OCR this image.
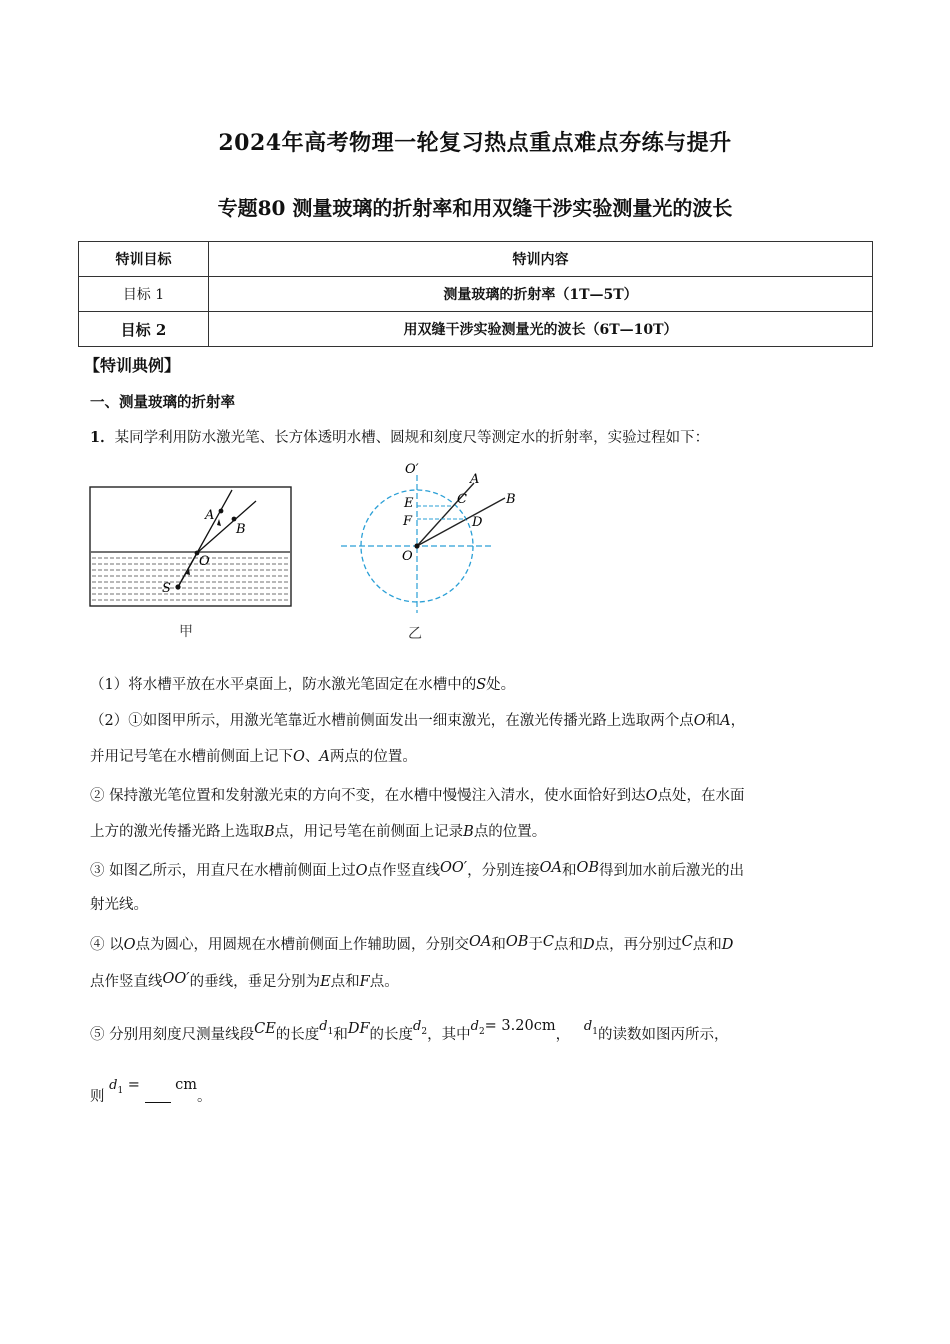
2024年高考物理一轮复习热点重点难点夯练与提升
专题80 测量玻璃的折射率和用双缝干涉实验测量光的波长
特训目标	特训内容
目标 1	测量玻璃的折射率（1T—5T）
目标 2	用双缝干涉实验测量光的波长（6T—10T）
【特训典例】
一、测量玻璃的折射率
1．某同学利用防水激光笔、长方体透明水槽、圆规和刻度尺等测定水的折射率，实验过程如下：
A
B
O
S
甲
O′
A
B
C
D
E
F
O
乙
（1）将水槽平放在水平桌面上，防水激光笔固定在水槽中的S处。
（2）①如图甲所示，用激光笔靠近水槽前侧面发出一细束激光，在激光传播光路上选取两个点O和A，
并用记号笔在水槽前侧面上记下O、A两点的位置。
② 保持激光笔位置和发射激光束的方向不变，在水槽中慢慢注入清水，使水面恰好到达O点处，在水面
上方的激光传播光路上选取B点，用记号笔在前侧面上记录B点的位置。
③ 如图乙所示，用直尺在水槽前侧面上过O点作竖直线OO′，分别连接OA和OB得到加水前后激光的出
射光线。
④ 以O点为圆心，用圆规在水槽前侧面上作辅助圆，分别交OA和OB于C点和D点，再分别过C点和D
点作竖直线OO′的垂线，垂足分别为E点和F点。
⑤ 分别用刻度尺测量线段CE的长度$d^1$和DF的长度$d^2$，其中$d^2= 3.20cm$，   $d^1$的读数如图丙所示，
则 $d^1$ = cm。
